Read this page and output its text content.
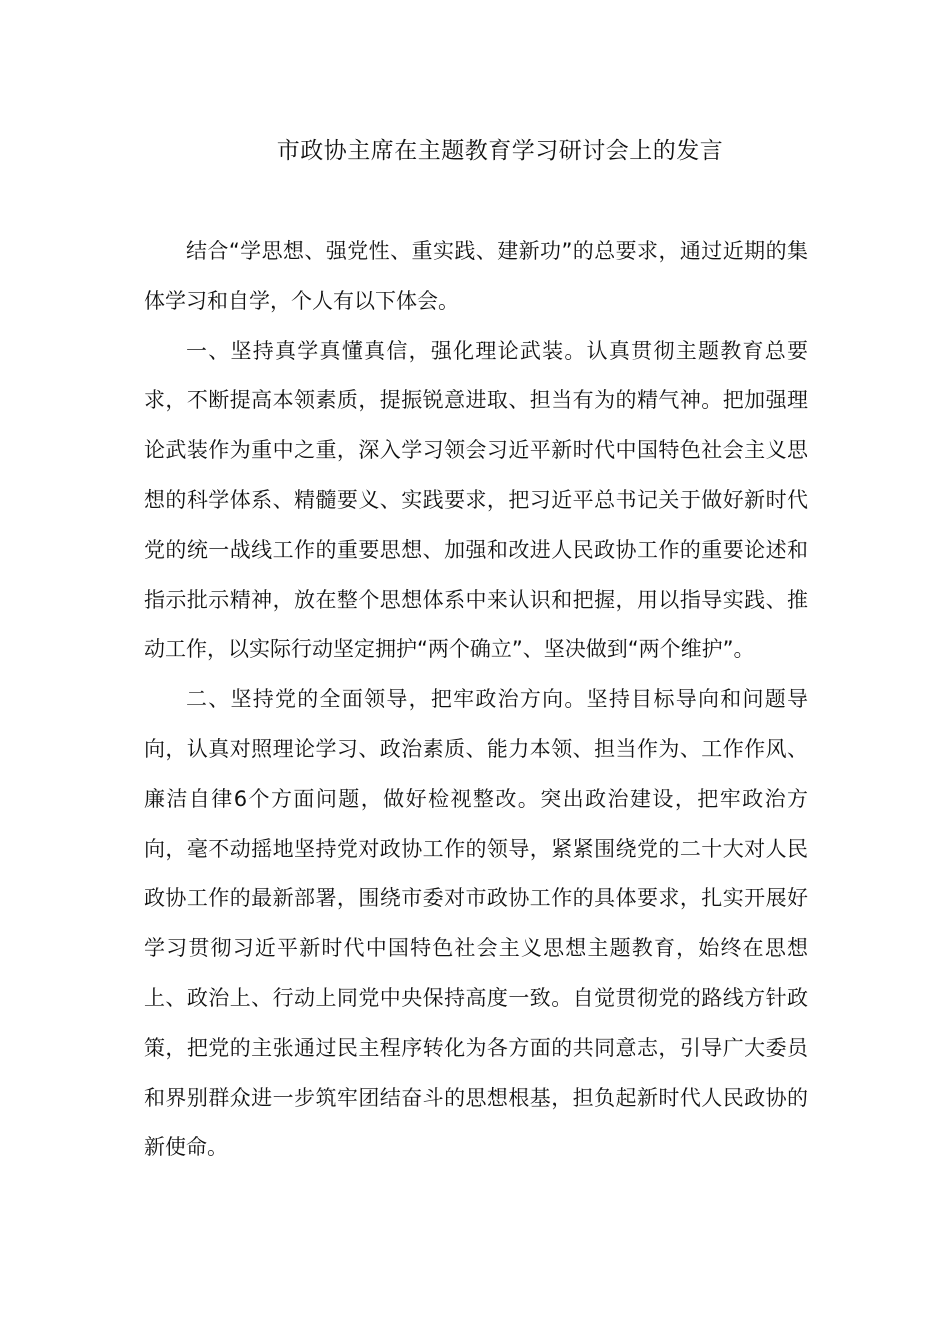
市政协主席在主题教育学习研讨会上的发言

结合“学思想、强党性、重实践、建新功”的总要求，通过近期的集体学习和自学，个人有以下体会。

一、坚持真学真懂真信，强化理论武装。认真贯彻主题教育总要求，不断提高本领素质，提振锐意进取、担当有为的精气神。把加强理论武装作为重中之重，深入学习领会习近平新时代中国特色社会主义思想的科学体系、精髓要义、实践要求，把习近平总书记关于做好新时代党的统一战线工作的重要思想、加强和改进人民政协工作的重要论述和指示批示精神，放在整个思想体系中来认识和把握，用以指导实践、推动工作，以实际行动坚定拥护“两个确立”、坚决做到“两个维护”。

二、坚持党的全面领导，把牢政治方向。坚持目标导向和问题导向，认真对照理论学习、政治素质、能力本领、担当作为、工作作风、廉洁自律6个方面问题，做好检视整改。突出政治建设，把牢政治方向，毫不动摇地坚持党对政协工作的领导，紧紧围绕党的二十大对人民政协工作的最新部署，围绕市委对市政协工作的具体要求，扎实开展好学习贯彻习近平新时代中国特色社会主义思想主题教育，始终在思想上、政治上、行动上同党中央保持高度一致。自觉贯彻党的路线方针政策，把党的主张通过民主程序转化为各方面的共同意志，引导广大委员和界别群众进一步筑牢团结奋斗的思想根基，担负起新时代人民政协的新使命。
